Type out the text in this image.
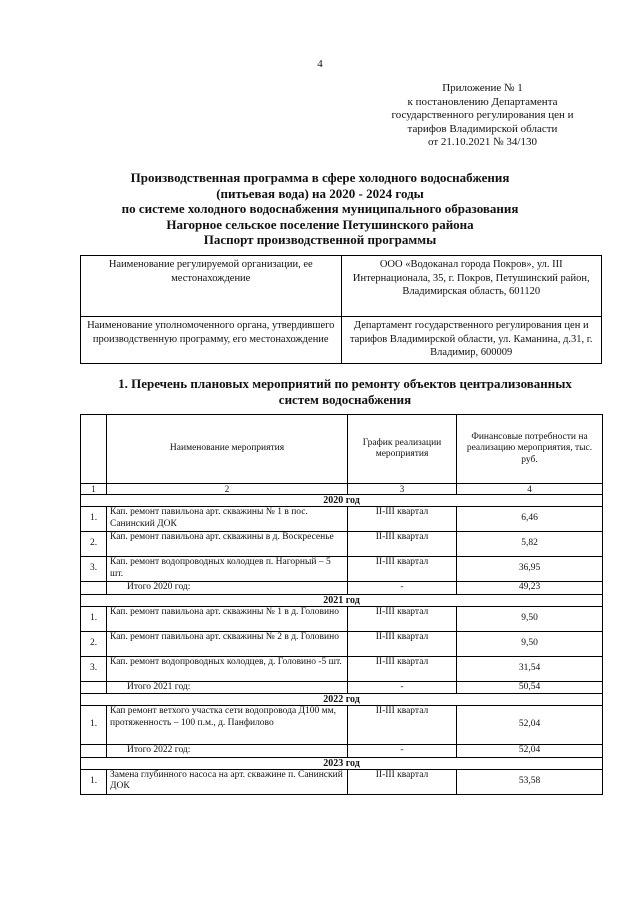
4
Приложение № 1
к постановлению Департамента
государственного регулирования цен и
тарифов Владимирской области
от 21.10.2021 № 34/130
Производственная программа в сфере холодного водоснабжения
(питьевая вода) на 2020 - 2024 годы
по системе холодного водоснабжения муниципального образования
Нагорное сельское поселение Петушинского района
Паспорт производственной программы
Наименование регулируемой организации, ее местонахождение	ООО «Водоканал города Покров», ул. III Интернационала, 35, г. Покров, Петушинский район, Владимирская область, 601120
Наименование уполномоченного органа, утвердившего производственную программу, его местонахождение	Департамент государственного регулирования цен и тарифов Владимирской области, ул. Каманина, д.31, г. Владимир, 600009
1. Перечень плановых мероприятий по ремонту объектов централизованных систем водоснабжения
	Наименование мероприятия	График реализации мероприятия	Финансовые потребности на реализацию мероприятия, тыс. руб.
1	2	3	4
2020 год			
1.	Кап. ремонт павильона арт. скважины № 1 в пос. Санинский ДОК	II-III квартал	6,46
2.	Кап. ремонт павильона арт. скважины в д. Воскресенье	II-III квартал	5,82
3.	Кап. ремонт водопроводных колодцев п. Нагорный – 5 шт.	II-III квартал	36,95
	Итого 2020 год:	-	49,23
2021 год			
1.	Кап. ремонт павильона арт. скважины № 1 в д. Головино	II-III квартал	9,50
2.	Кап. ремонт павильона арт. скважины № 2 в д. Головино	II-III квартал	9,50
3.	Кап. ремонт водопроводных колодцев, д. Головино -5 шт.	II-III квартал	31,54
	Итого 2021 год:	-	50,54
2022 год			
1.	Кап ремонт ветхого участка сети водопровода Д100 мм, протяженность – 100 п.м., д. Панфилово	II-III квартал	52,04
	Итого 2022 год:	-	52,04
2023 год			
1.	Замена глубинного насоса на арт. скважине п. Санинский ДОК	II-III квартал	53,58
